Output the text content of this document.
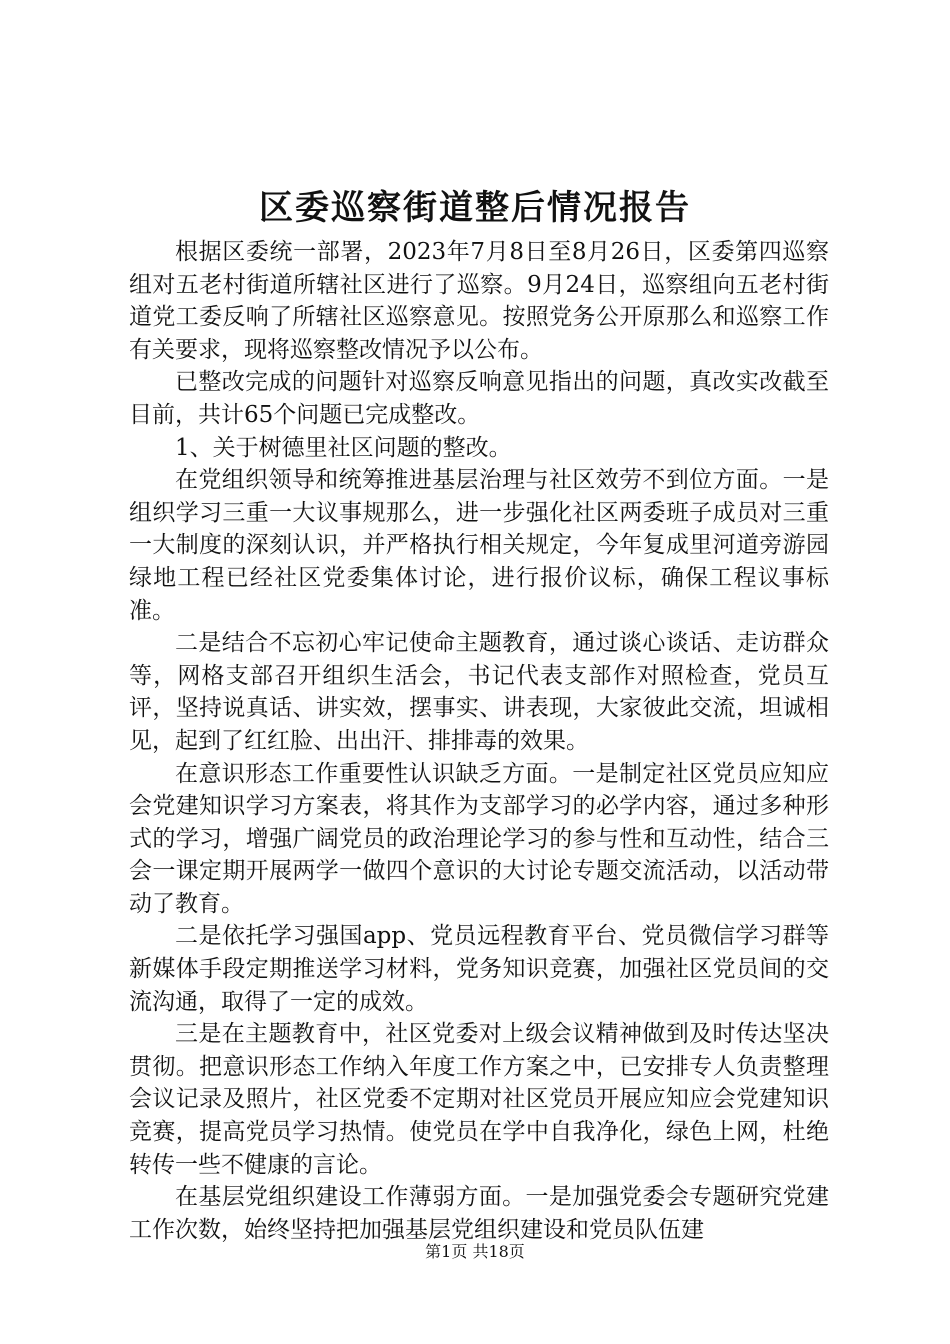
区委巡察街道整后情况报告

根据区委统一部署，2023年7月8日至8月26日，区委第四巡察组对五老村街道所辖社区进行了巡察。9月24日，巡察组向五老村街道党工委反响了所辖社区巡察意见。按照党务公开原那么和巡察工作有关要求，现将巡察整改情况予以公布。

已整改完成的问题针对巡察反响意见指出的问题，真改实改截至目前，共计65个问题已完成整改。

1、关于树德里社区问题的整改。

在党组织领导和统筹推进基层治理与社区效劳不到位方面。一是组织学习三重一大议事规那么，进一步强化社区两委班子成员对三重一大制度的深刻认识，并严格执行相关规定，今年复成里河道旁游园绿地工程已经社区党委集体讨论，进行报价议标，确保工程议事标准。

二是结合不忘初心牢记使命主题教育，通过谈心谈话、走访群众等，网格支部召开组织生活会，书记代表支部作对照检查，党员互评，坚持说真话、讲实效，摆事实、讲表现，大家彼此交流，坦诚相见，起到了红红脸、出出汗、排排毒的效果。

在意识形态工作重要性认识缺乏方面。一是制定社区党员应知应会党建知识学习方案表，将其作为支部学习的必学内容，通过多种形式的学习，增强广阔党员的政治理论学习的参与性和互动性，结合三会一课定期开展两学一做四个意识的大讨论专题交流活动，以活动带动了教育。

二是依托学习强国app、党员远程教育平台、党员微信学习群等新媒体手段定期推送学习材料，党务知识竞赛，加强社区党员间的交流沟通，取得了一定的成效。

三是在主题教育中，社区党委对上级会议精神做到及时传达坚决贯彻。把意识形态工作纳入年度工作方案之中，已安排专人负责整理会议记录及照片，社区党委不定期对社区党员开展应知应会党建知识竞赛，提高党员学习热情。使党员在学中自我净化，绿色上网，杜绝转传一些不健康的言论。

在基层党组织建设工作薄弱方面。一是加强党委会专题研究党建工作次数，始终坚持把加强基层党组织建设和党员队伍建

第1页 共18页
